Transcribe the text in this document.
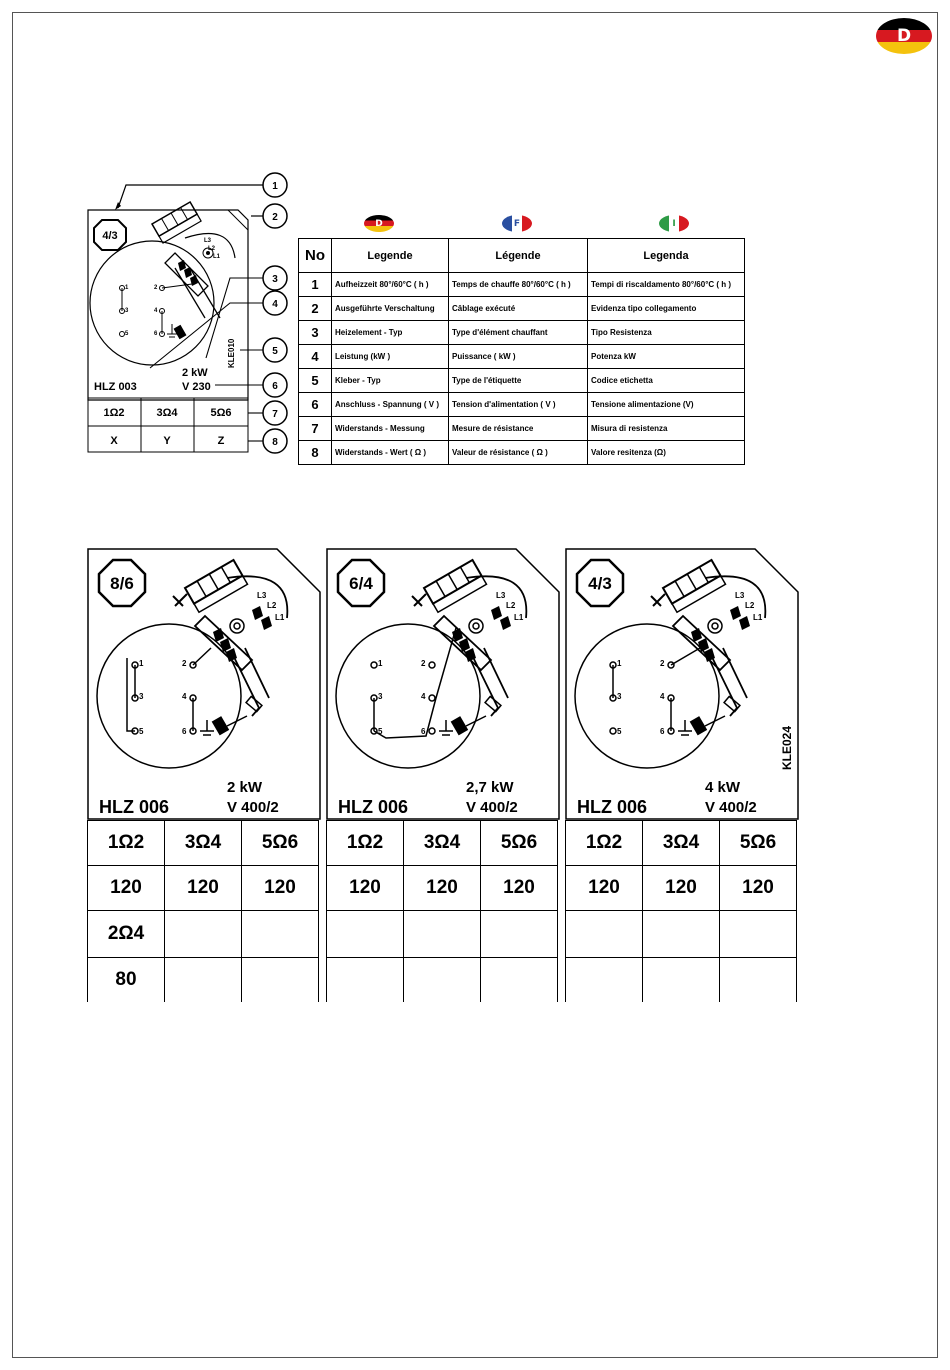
D
4/3	L3
L2
L1
1	2
3	4
5	6
KLE010
2 kW
HLZ 003	V 230
1Ω2	3Ω4	5Ω6
X	Y	Z
1
2
3
4
5
6
7
8
D	F	I
No	Legende	Légende	Legenda
1	Aufheizzeit 80°/60°C ( h )	Temps de chauffe 80°/60°C ( h )	Tempi di riscaldamento 80°/60°C ( h )
2	Ausgeführte Verschaltung	Câblage exécuté	Evidenza tipo collegamento
3	Heizelement - Typ	Type d'élément chauffant	Tipo Resistenza
4	Leistung (kW )	Puissance ( kW )	Potenza kW
5	Kleber - Typ	Type de l'étiquette	Codice etichetta
6	Anschluss - Spannung ( V )	Tension d'alimentation ( V )	Tensione alimentazione (V)
7	Widerstands - Messung	Mesure de résistance	Misura di resistenza
8	Widerstands - Wert ( Ω )	Valeur de résistance ( Ω )	Valore resitenza (Ω)
8/6
L3
L2
L1
1	2
3	4
5	6
2 kW
HLZ 006	V 400/2
1Ω2	3Ω4	5Ω6
120	120	120
2Ω4		
80		
6/4
L3
L2
L1
1	2
3	4
5	6
2,7 kW
HLZ 006	V 400/2
1Ω2	3Ω4	5Ω6
120	120	120

4/3
L3
L2
L1
1	2
3	4
5	6	KLE024
4 kW
HLZ 006	V 400/2
1Ω2	3Ω4	5Ω6
120	120	120
